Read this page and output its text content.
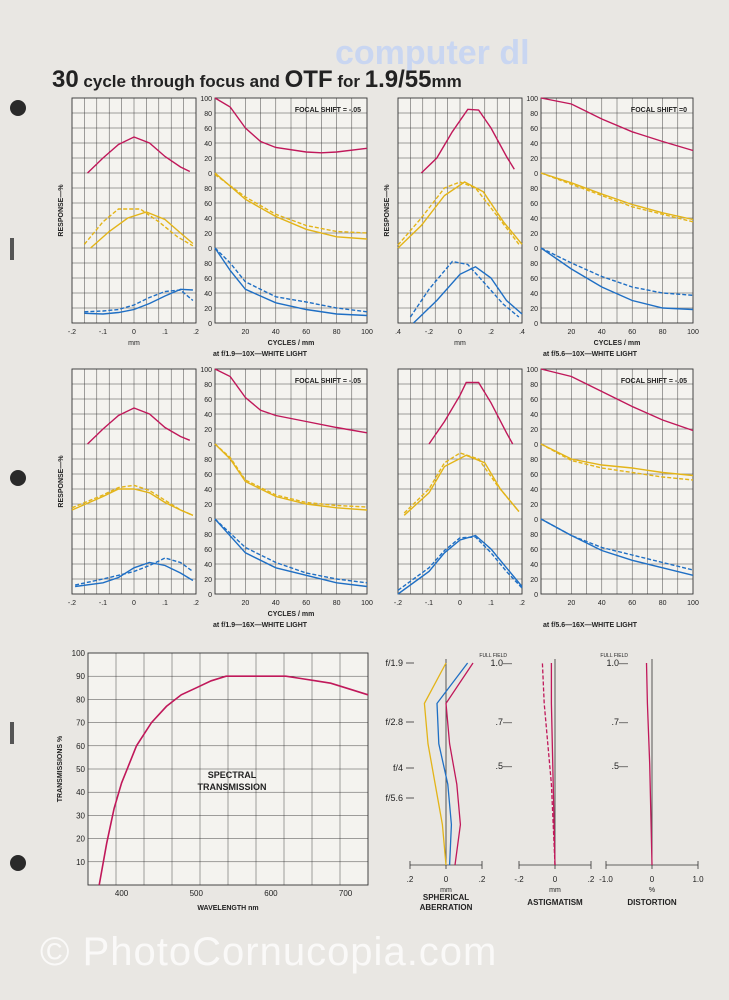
computer dl
30 cycle through focus and OTF for 1.9/55mm
100
80
60
40
20
0
80
60
40
20
0
80
60
40
20
0
-.2	-.1	0	.1	.2	20	40	60	80	100
mm	CYCLES / mm
RESPONSE—%
FOCAL SHIFT = -.05
at f/1.9—10X—WHITE LIGHT
100
80
60
40
20
0
80
60
40
20
0
80
60
40
20
0
.4	-.2	0	.2	.4	20	40	60	80	100
mm	CYCLES / mm
RESPONSE—%
FOCAL SHIFT =0
at f/5.6—10X—WHITE LIGHT
100
80
60
40
20
0
80
60
40
20
0
80
60
40
20
0
-.2	-.1	0	.1	.2	20	40	60	80	100
CYCLES / mm
RESPONSE—%
FOCAL SHIFT = -.05
at f/1.9—16X—WHITE LIGHT
100
80
60
40
20
0
80
60
40
20
0
80
60
40
20
0
-.2	-.1	0	.1	.2	20	40	60	80	100
FOCAL SHIFT = -.05
at f/5.6—16X—WHITE LIGHT
10
20
30
40
50
60
70
80
90
100
400	500	600	700
WAVELENGTH nm
TRANSMISSIONS %	SPECTRAL
TRANSMISSION
.2	0	.2
mm
SPHERICAL
ABERRATION
f/1.9
f/2.8
f/4
f/5.6
FULL FIELD
1.0—
.7—
.5—
-.2	0	.2
mm
ASTIGMATISM
-1.0	0	1.0
%
DISTORTION
FULL FIELD
1.0—
.7—
.5—
© PhotoCornucopia.com
